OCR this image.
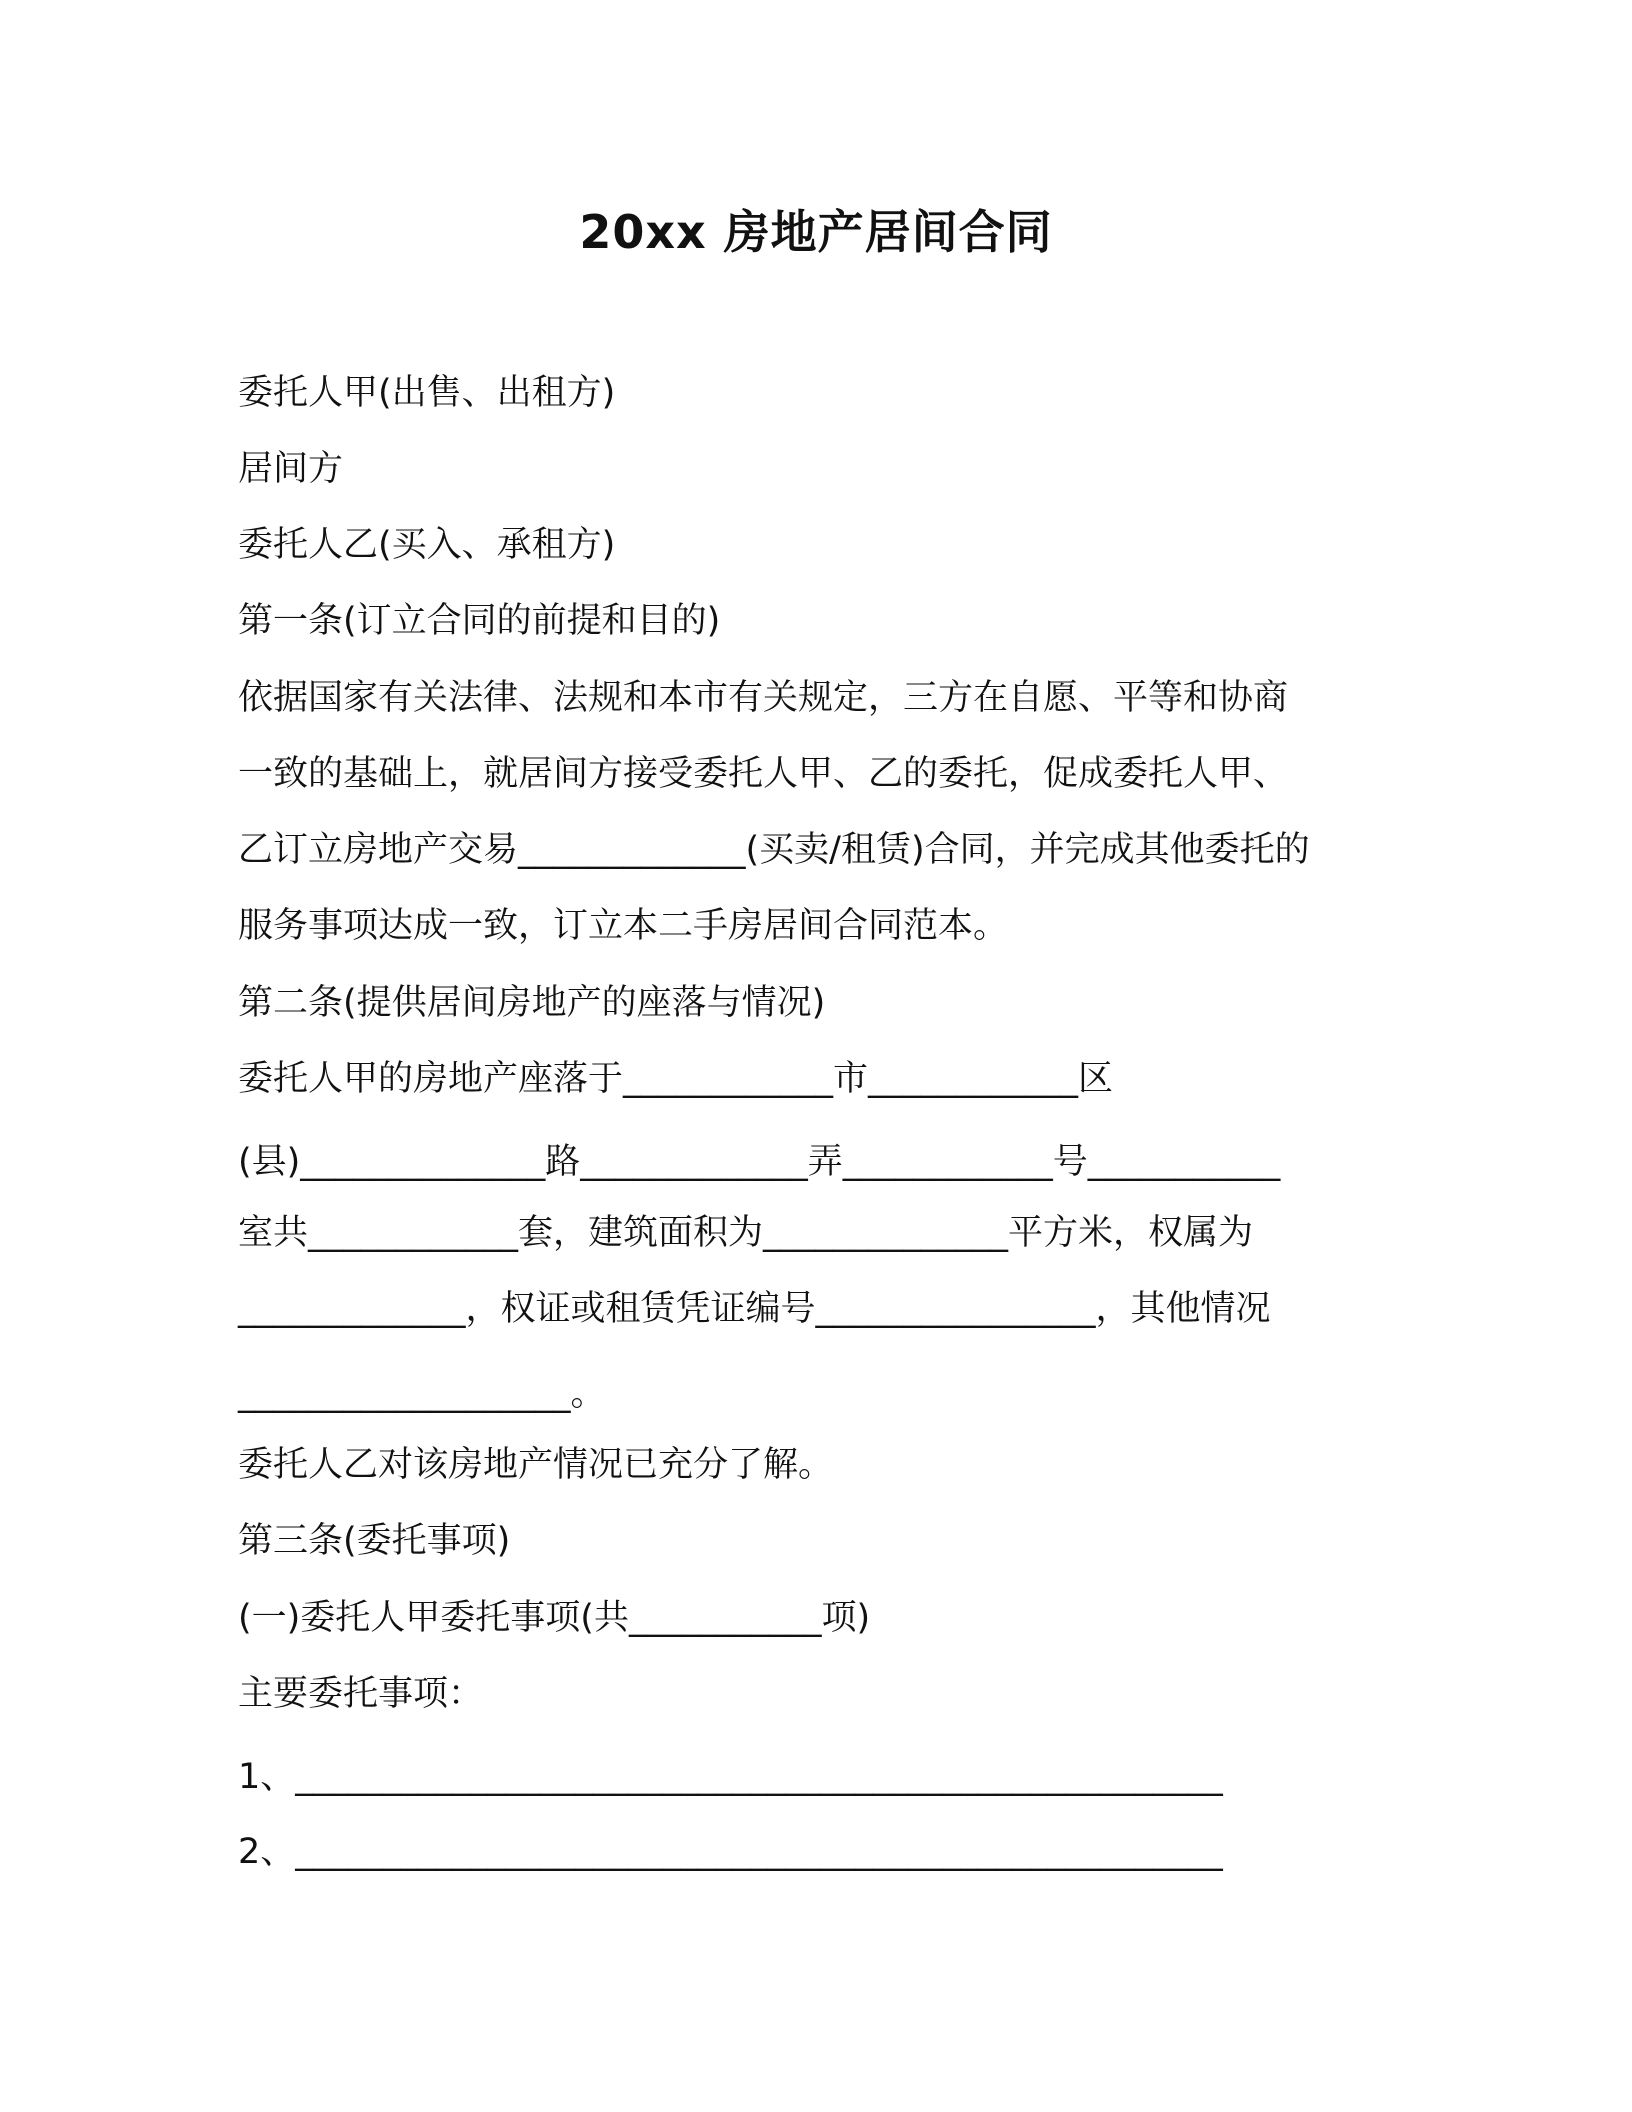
20xx 房地产居间合同
委托人甲(出售、出租方)
居间方
委托人乙(买入、承租方)
第一条(订立合同的前提和目的)
依据国家有关法律、法规和本市有关规定，三方在自愿、平等和协商
一致的基础上，就居间方接受委托人甲、乙的委托，促成委托人甲、
乙订立房地产交易_____________(买卖/租赁)合同，并完成其他委托的
服务事项达成一致，订立本二手房居间合同范本。
第二条(提供居间房地产的座落与情况)
委托人甲的房地产座落于____________市____________区
(县)______________路_____________弄____________号___________
室共____________套，建筑面积为______________平方米，权属为
_____________，权证或租赁凭证编号________________，其他情况
___________________。
委托人乙对该房地产情况已充分了解。
第三条(委托事项)
(一)委托人甲委托事项(共___________项)
主要委托事项：
1、_____________________________________________________
2、_____________________________________________________
